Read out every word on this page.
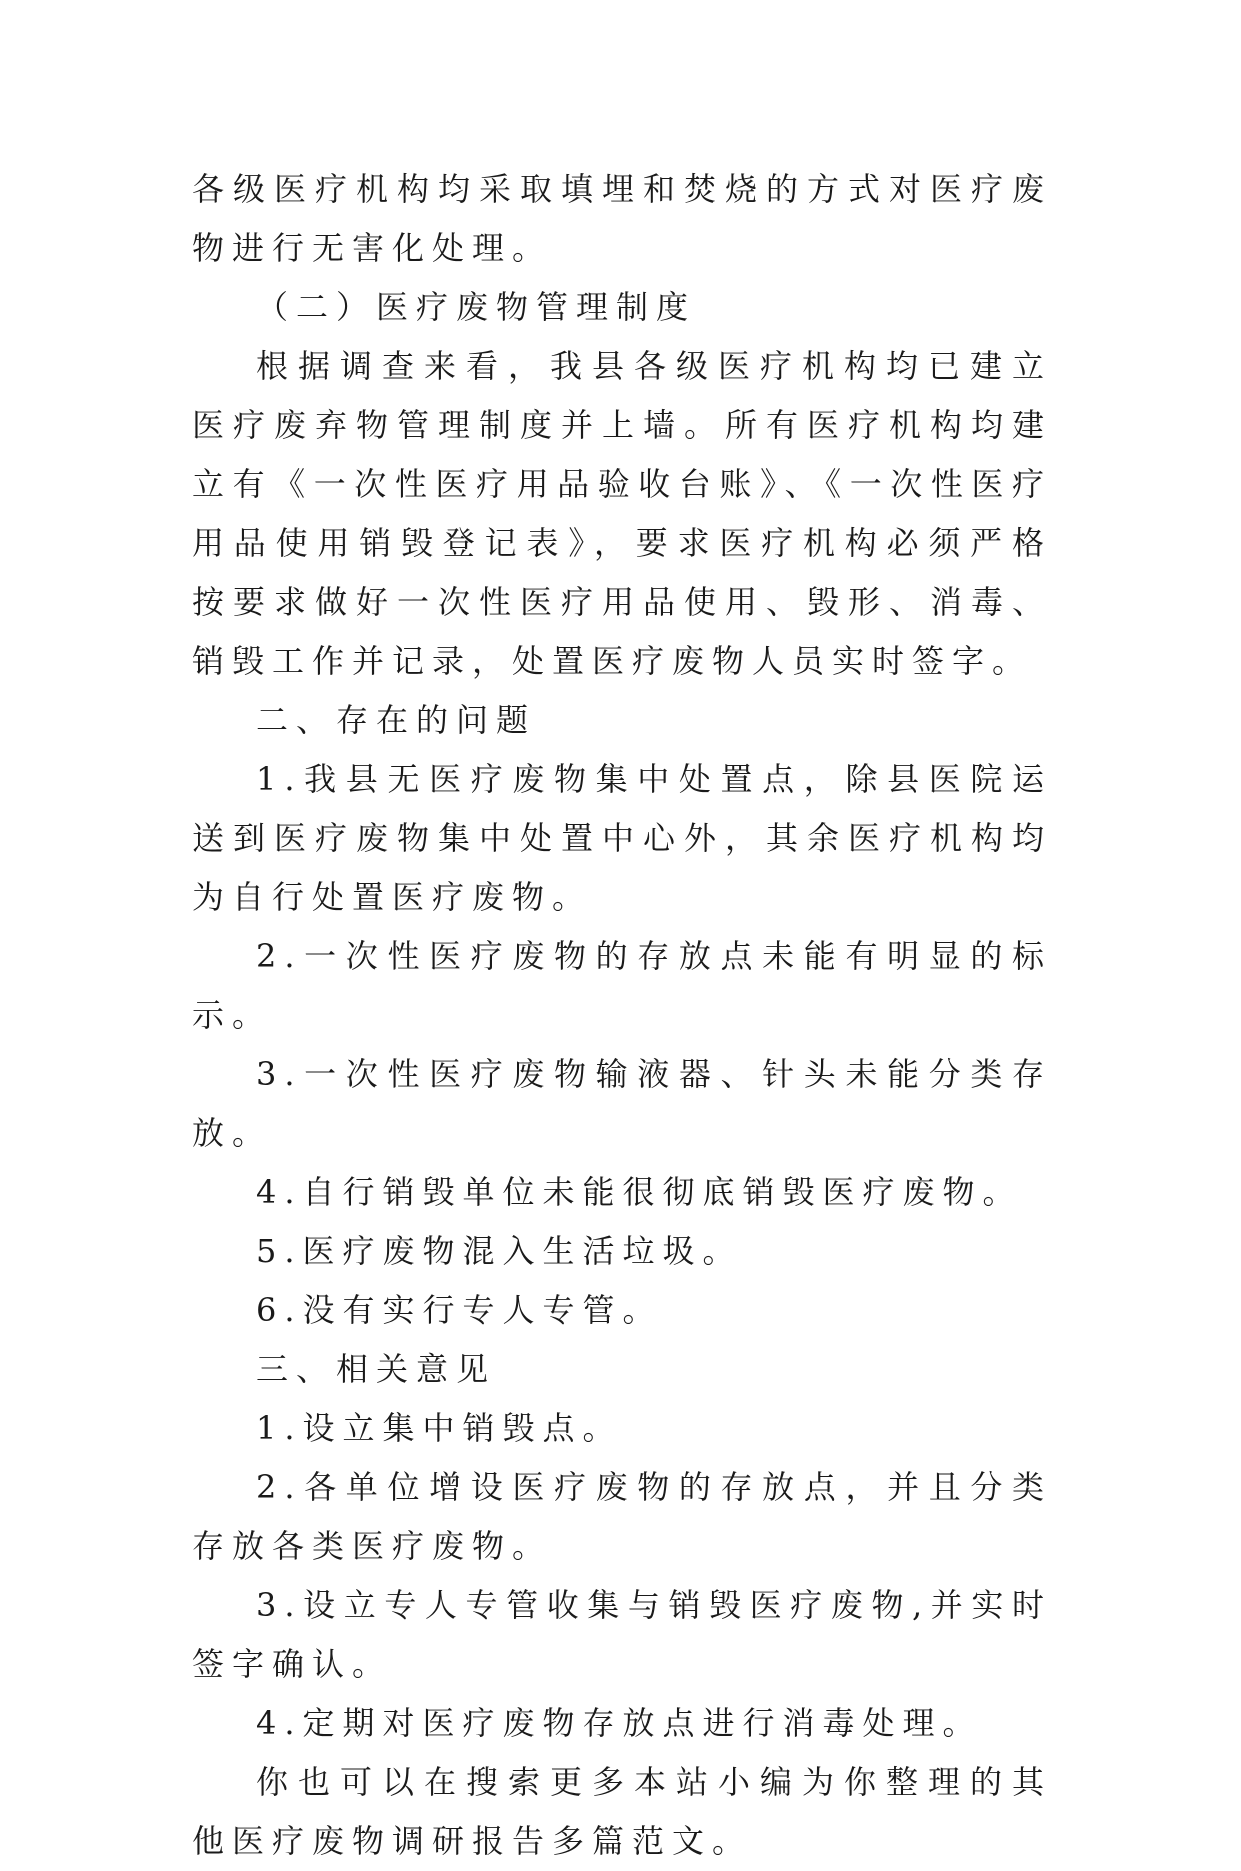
各级医疗机构均采取填埋和焚烧的方式对医疗废物进行无害化处理。

（二）医疗废物管理制度

根据调查来看，我县各级医疗机构均已建立医疗废弃物管理制度并上墙。所有医疗机构均建立有《一次性医疗用品验收台账》、《一次性医疗用品使用销毁登记表》，要求医疗机构必须严格按要求做好一次性医疗用品使用、毁形、消毒、销毁工作并记录，处置医疗废物人员实时签字。

二、存在的问题

1.我县无医疗废物集中处置点，除县医院运送到医疗废物集中处置中心外，其余医疗机构均为自行处置医疗废物。

2.一次性医疗废物的存放点未能有明显的标示。

3.一次性医疗废物输液器、针头未能分类存放。

4.自行销毁单位未能很彻底销毁医疗废物。

5.医疗废物混入生活垃圾。

6.没有实行专人专管。

三、相关意见

1.设立集中销毁点。

2.各单位增设医疗废物的存放点，并且分类存放各类医疗废物。

3.设立专人专管收集与销毁医疗废物,并实时签字确认。

4.定期对医疗废物存放点进行消毒处理。

你也可以在搜索更多本站小编为你整理的其他医疗废物调研报告多篇范文。
